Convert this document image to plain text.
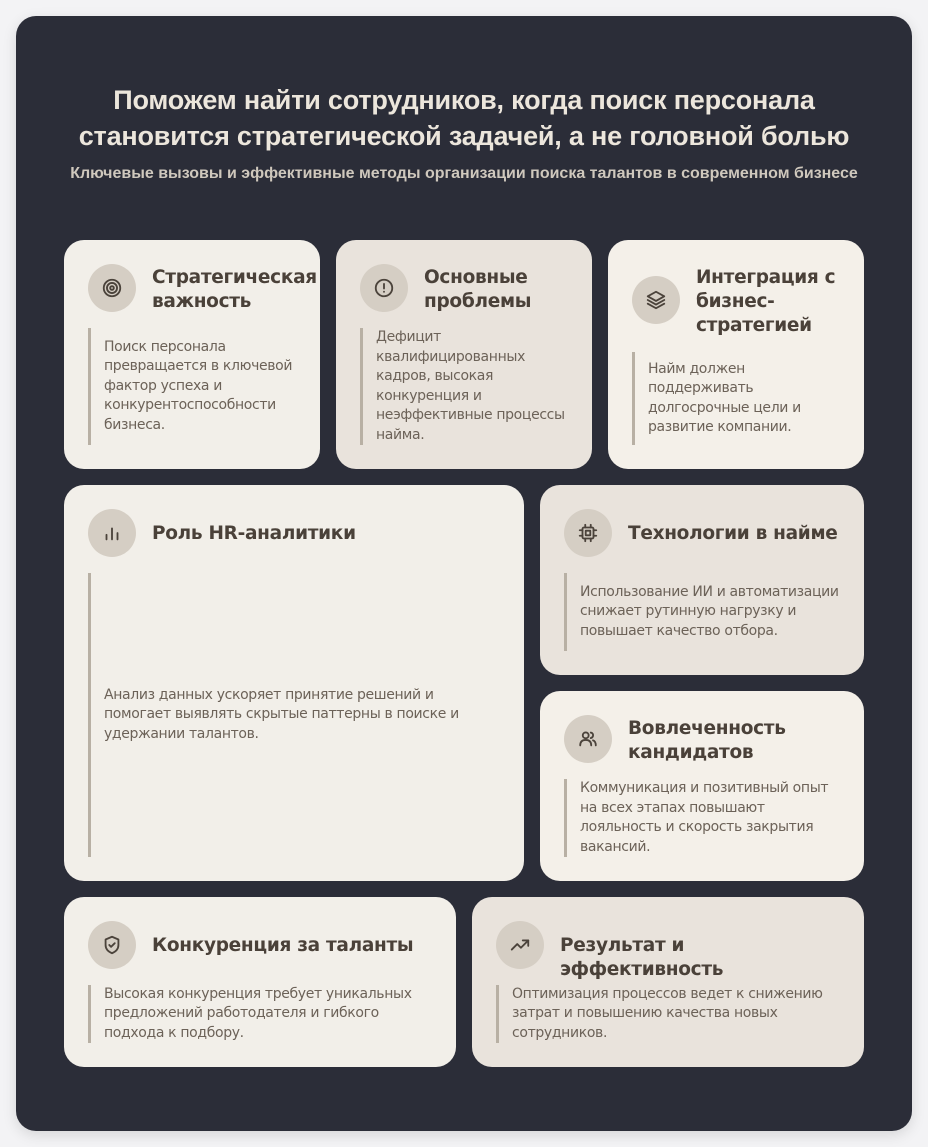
Поможем найти сотрудников, когда поиск персонала становится стратегической задачей, а не головной болью

Ключевые вызовы и эффективные методы организации поиска талантов в современном бизнесе

Стратегическая важность
Поиск персонала превращается в ключевой фактор успеха и конкурентоспособности бизнеса.
Основные проблемы
Дефицит квалифицированных кадров, высокая конкуренция и неэффективные процессы найма.
Интеграция с бизнес-стратегией
Найм должен поддерживать долгосрочные цели и развитие компании.
Роль HR-аналитики
Анализ данных ускоряет принятие решений и помогает выявлять скрытые паттерны в поиске и удержании талантов.
Технологии в найме
Использование ИИ и автоматизации снижает рутинную нагрузку и повышает качество отбора.
Вовлеченность кандидатов
Коммуникация и позитивный опыт на всех этапах повышают лояльность и скорость закрытия вакансий.
Конкуренция за таланты
Высокая конкуренция требует уникальных предложений работодателя и гибкого подхода к подбору.
Результат и эффективность
Оптимизация процессов ведет к снижению затрат и повышению качества новых сотрудников.
